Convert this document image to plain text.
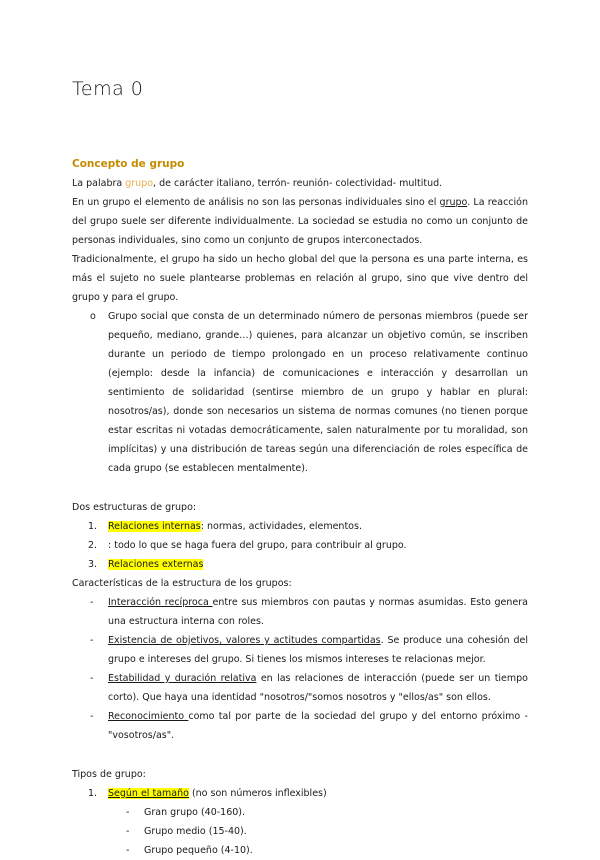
Tema 0
Concepto de grupo

La palabra grupo, de carácter italiano, terrón- reunión- colectividad- multitud.

En un grupo el elemento de análisis no son las personas individuales sino el grupo. La reacción del grupo suele ser diferente individualmente. La sociedad se estudia no como un conjunto de personas individuales, sino como un conjunto de grupos interconectados.

Tradicionalmente, el grupo ha sido un hecho global del que la persona es una parte interna, es más el sujeto no suele plantearse problemas en relación al grupo, sino que vive dentro del grupo y para el grupo.

o Grupo social que consta de un determinado número de personas miembros (puede ser pequeño, mediano, grande…) quienes, para alcanzar un objetivo común, se inscriben durante un periodo de tiempo prolongado en un proceso relativamente continuo (ejemplo: desde la infancia) de comunicaciones e interacción y desarrollan un sentimiento de solidaridad (sentirse miembro de un grupo y hablar en plural: nosotros/as), donde son necesarios un sistema de normas comunes (no tienen porque estar escritas ni votadas democráticamente, salen naturalmente por tu moralidad, son implícitas) y una distribución de tareas según una diferenciación de roles específica de cada grupo (se establecen mentalmente).

Dos estructuras de grupo:

1. Relaciones internas: normas, actividades, elementos.
2. : todo lo que se haga fuera del grupo, para contribuir al grupo.
3. Relaciones externas

Características de la estructura de los grupos:

- Interacción recíproca entre sus miembros con pautas y normas asumidas. Esto genera una estructura interna con roles.
- Existencia de objetivos, valores y actitudes compartidas. Se produce una cohesión del grupo e intereses del grupo. Si tienes los mismos intereses te relacionas mejor.
- Estabilidad y duración relativa en las relaciones de interacción (puede ser un tiempo corto). Que haya una identidad "nosotros/"somos nosotros y "ellos/as" son ellos.
- Reconocimiento como tal por parte de la sociedad del grupo y del entorno próximo - "vosotros/as".

Tipos de grupo:

1. Según el tamaño (no son números inflexibles)
- Gran grupo (40-160).
- Grupo medio (15-40).
- Grupo pequeño (4-10).
